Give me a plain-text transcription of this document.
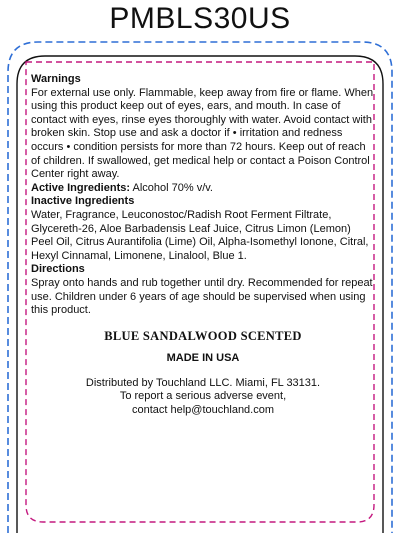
PMBLS30US

Warnings

For external use only. Flammable, keep away from fire or flame. When using this product keep out of eyes, ears, and mouth. In case of contact with eyes, rinse eyes thoroughly with water. Avoid contact with broken skin. Stop use and ask a doctor if • irritation and redness occurs • condition persists for more than 72 hours. Keep out of reach of children. If swallowed, get medical help or contact a Poison Control Center right away.

Active Ingredients: Alcohol 70% v/v.

Inactive Ingredients

Water, Fragrance, Leuconostoc/Radish Root Ferment Filtrate, Glycereth-26, Aloe Barbadensis Leaf Juice, Citrus Limon (Lemon) Peel Oil, Citrus Aurantifolia (Lime) Oil, Alpha-Isomethyl Ionone, Citral, Hexyl Cinnamal, Limonene, Linalool, Blue 1.

Directions

Spray onto hands and rub together until dry. Recommended for repeat use. Children under 6 years of age should be supervised when using this product.

BLUE SANDALWOOD SCENTED

MADE IN USA

Distributed by Touchland LLC. Miami, FL 33131.

To report a serious adverse event,

contact help@touchland.com
